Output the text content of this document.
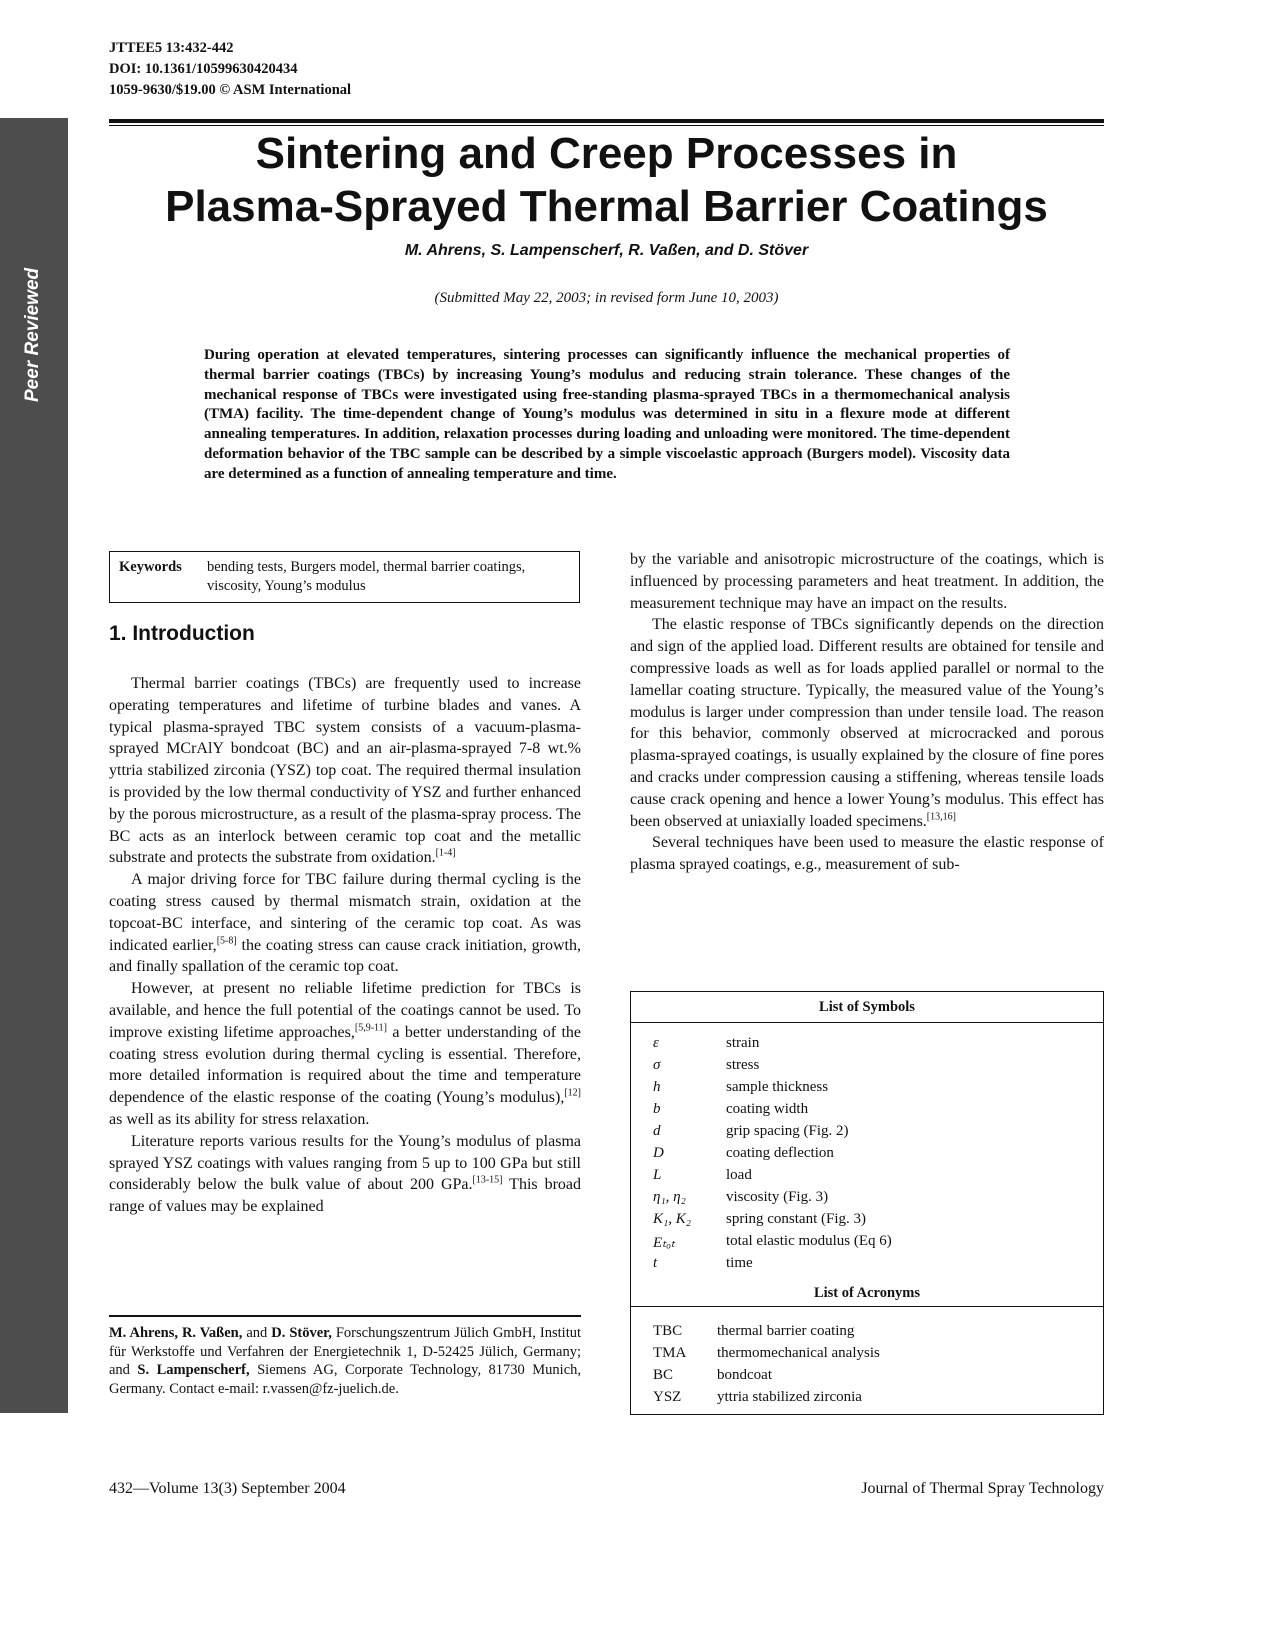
Peer Reviewed
JTTEE5 13:432-442
DOI: 10.1361/10599630420434
1059-9630/$19.00 © ASM International
Sintering and Creep Processes in
Plasma-Sprayed Thermal Barrier Coatings
M. Ahrens, S. Lampenscherf, R. Vaßen, and D. Stöver
(Submitted May 22, 2003; in revised form June 10, 2003)

During operation at elevated temperatures, sintering processes can significantly influence the mechanical properties of thermal barrier coatings (TBCs) by increasing Young’s modulus and reducing strain tolerance. These changes of the mechanical response of TBCs were investigated using free-standing plasma-sprayed TBCs in a thermomechanical analysis (TMA) facility. The time-dependent change of Young’s modulus was determined in situ in a flexure mode at different annealing temperatures. In addition, relaxation processes during loading and unloading were monitored. The time-dependent deformation behavior of the TBC sample can be described by a simple viscoelastic approach (Burgers model). Viscosity data are determined as a function of annealing temperature and time.

Keywords bending tests, Burgers model, thermal barrier coatings, viscosity, Young’s modulus
1. Introduction

Thermal barrier coatings (TBCs) are frequently used to increase operating temperatures and lifetime of turbine blades and vanes. A typical plasma-sprayed TBC system consists of a vacuum-plasma-sprayed MCrAlY bondcoat (BC) and an air-plasma-sprayed 7-8 wt.% yttria stabilized zirconia (YSZ) top coat. The required thermal insulation is provided by the low thermal conductivity of YSZ and further enhanced by the porous microstructure, as a result of the plasma-spray process. The BC acts as an interlock between ceramic top coat and the metallic substrate and protects the substrate from oxidation.[1-4]

A major driving force for TBC failure during thermal cycling is the coating stress caused by thermal mismatch strain, oxidation at the topcoat-BC interface, and sintering of the ceramic top coat. As was indicated earlier,[5-8] the coating stress can cause crack initiation, growth, and finally spallation of the ceramic top coat.

However, at present no reliable lifetime prediction for TBCs is available, and hence the full potential of the coatings cannot be used. To improve existing lifetime approaches,[5,9-11] a better understanding of the coating stress evolution during thermal cycling is essential. Therefore, more detailed information is required about the time and temperature dependence of the elastic response of the coating (Young’s modulus),[12] as well as its ability for stress relaxation.

Literature reports various results for the Young’s modulus of plasma sprayed YSZ coatings with values ranging from 5 up to 100 GPa but still considerably below the bulk value of about 200 GPa.[13-15] This broad range of values may be explained

by the variable and anisotropic microstructure of the coatings, which is influenced by processing parameters and heat treatment. In addition, the measurement technique may have an impact on the results.

The elastic response of TBCs significantly depends on the direction and sign of the applied load. Different results are obtained for tensile and compressive loads as well as for loads applied parallel or normal to the lamellar coating structure. Typically, the measured value of the Young’s modulus is larger under compression than under tensile load. The reason for this behavior, commonly observed at microcracked and porous plasma-sprayed coatings, is usually explained by the closure of fine pores and cracks under compression causing a stiffening, whereas tensile loads cause crack opening and hence a lower Young’s modulus. This effect has been observed at uniaxially loaded specimens.[13,16]

Several techniques have been used to measure the elastic response of plasma sprayed coatings, e.g., measurement of sub-

M. Ahrens, R. Vaßen, and D. Stöver, Forschungszentrum Jülich GmbH, Institut für Werkstoffe und Verfahren der Energietechnik 1, D-52425 Jülich, Germany; and S. Lampenscherf, Siemens AG, Corporate Technology, 81730 Munich, Germany. Contact e-mail: r.vassen@fz-juelich.de.

List of Symbols
ε	strain
σ	stress
h	sample thickness
b	coating width
d	grip spacing (Fig. 2)
D	coating deflection
L	load
η₁, η₂	viscosity (Fig. 3)
K₁, K₂ spring constant (Fig. 3)
Eₜₒₜ	total elastic modulus (Eq 6)
t	time
List of Acronyms
TBC thermal barrier coating
TMA thermomechanical analysis
BC	bondcoat
YSZ yttria stabilized zirconia
432—Volume 13(3) September 2004	Journal of Thermal Spray Technology
